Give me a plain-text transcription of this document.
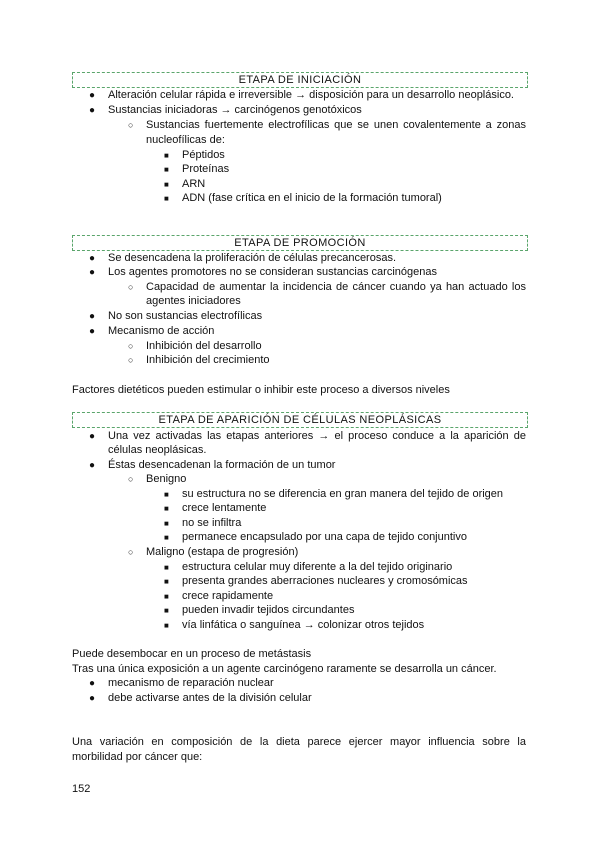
ETAPA DE INICIACIÓN
● Alteración celular rápida e irreversible → disposición para un desarrollo neoplásico.
● Sustancias iniciadoras → carcinógenos genotóxicos
○ Sustancias fuertemente electrofílicas que se unen covalentemente a zonas
nucleofílicas de:
■ Péptidos
■ Proteínas
■ ARN
■ ADN (fase crítica en el inicio de la formación tumoral)
ETAPA DE PROMOCIÓN
● Se desencadena la proliferación de células precancerosas.
● Los agentes promotores no se consideran sustancias carcinógenas
○ Capacidad de aumentar la incidencia de cáncer cuando ya han actuado los
agentes iniciadores
● No son sustancias electrofílicas
● Mecanismo de acción
○ Inhibición del desarrollo
○ Inhibición del crecimiento
Factores dietéticos pueden estimular o inhibir este proceso a diversos niveles
ETAPA DE APARICIÓN DE CÉLULAS NEOPLÁSICAS
● Una vez activadas las etapas anteriores → el proceso conduce a la aparición de
células neoplásicas.
● Éstas desencadenan la formación de un tumor
○ Benigno
■ su estructura no se diferencia en gran manera del tejido de origen
■ crece lentamente
■ no se infiltra
■ permanece encapsulado por una capa de tejido conjuntivo
○ Maligno (estapa de progresión)
■ estructura celular muy diferente a la del tejido originario
■ presenta grandes aberraciones nucleares y cromosómicas
■ crece rapidamente
■ pueden invadir tejidos circundantes
■ vía linfática o sanguínea → colonizar otros tejidos
Puede desembocar en un proceso de metástasis
Tras una única exposición a un agente carcinógeno raramente se desarrolla un cáncer.
● mecanismo de reparación nuclear
● debe activarse antes de la división celular
Una variación en composición de la dieta parece ejercer mayor influencia sobre la
morbilidad por cáncer que:
152
